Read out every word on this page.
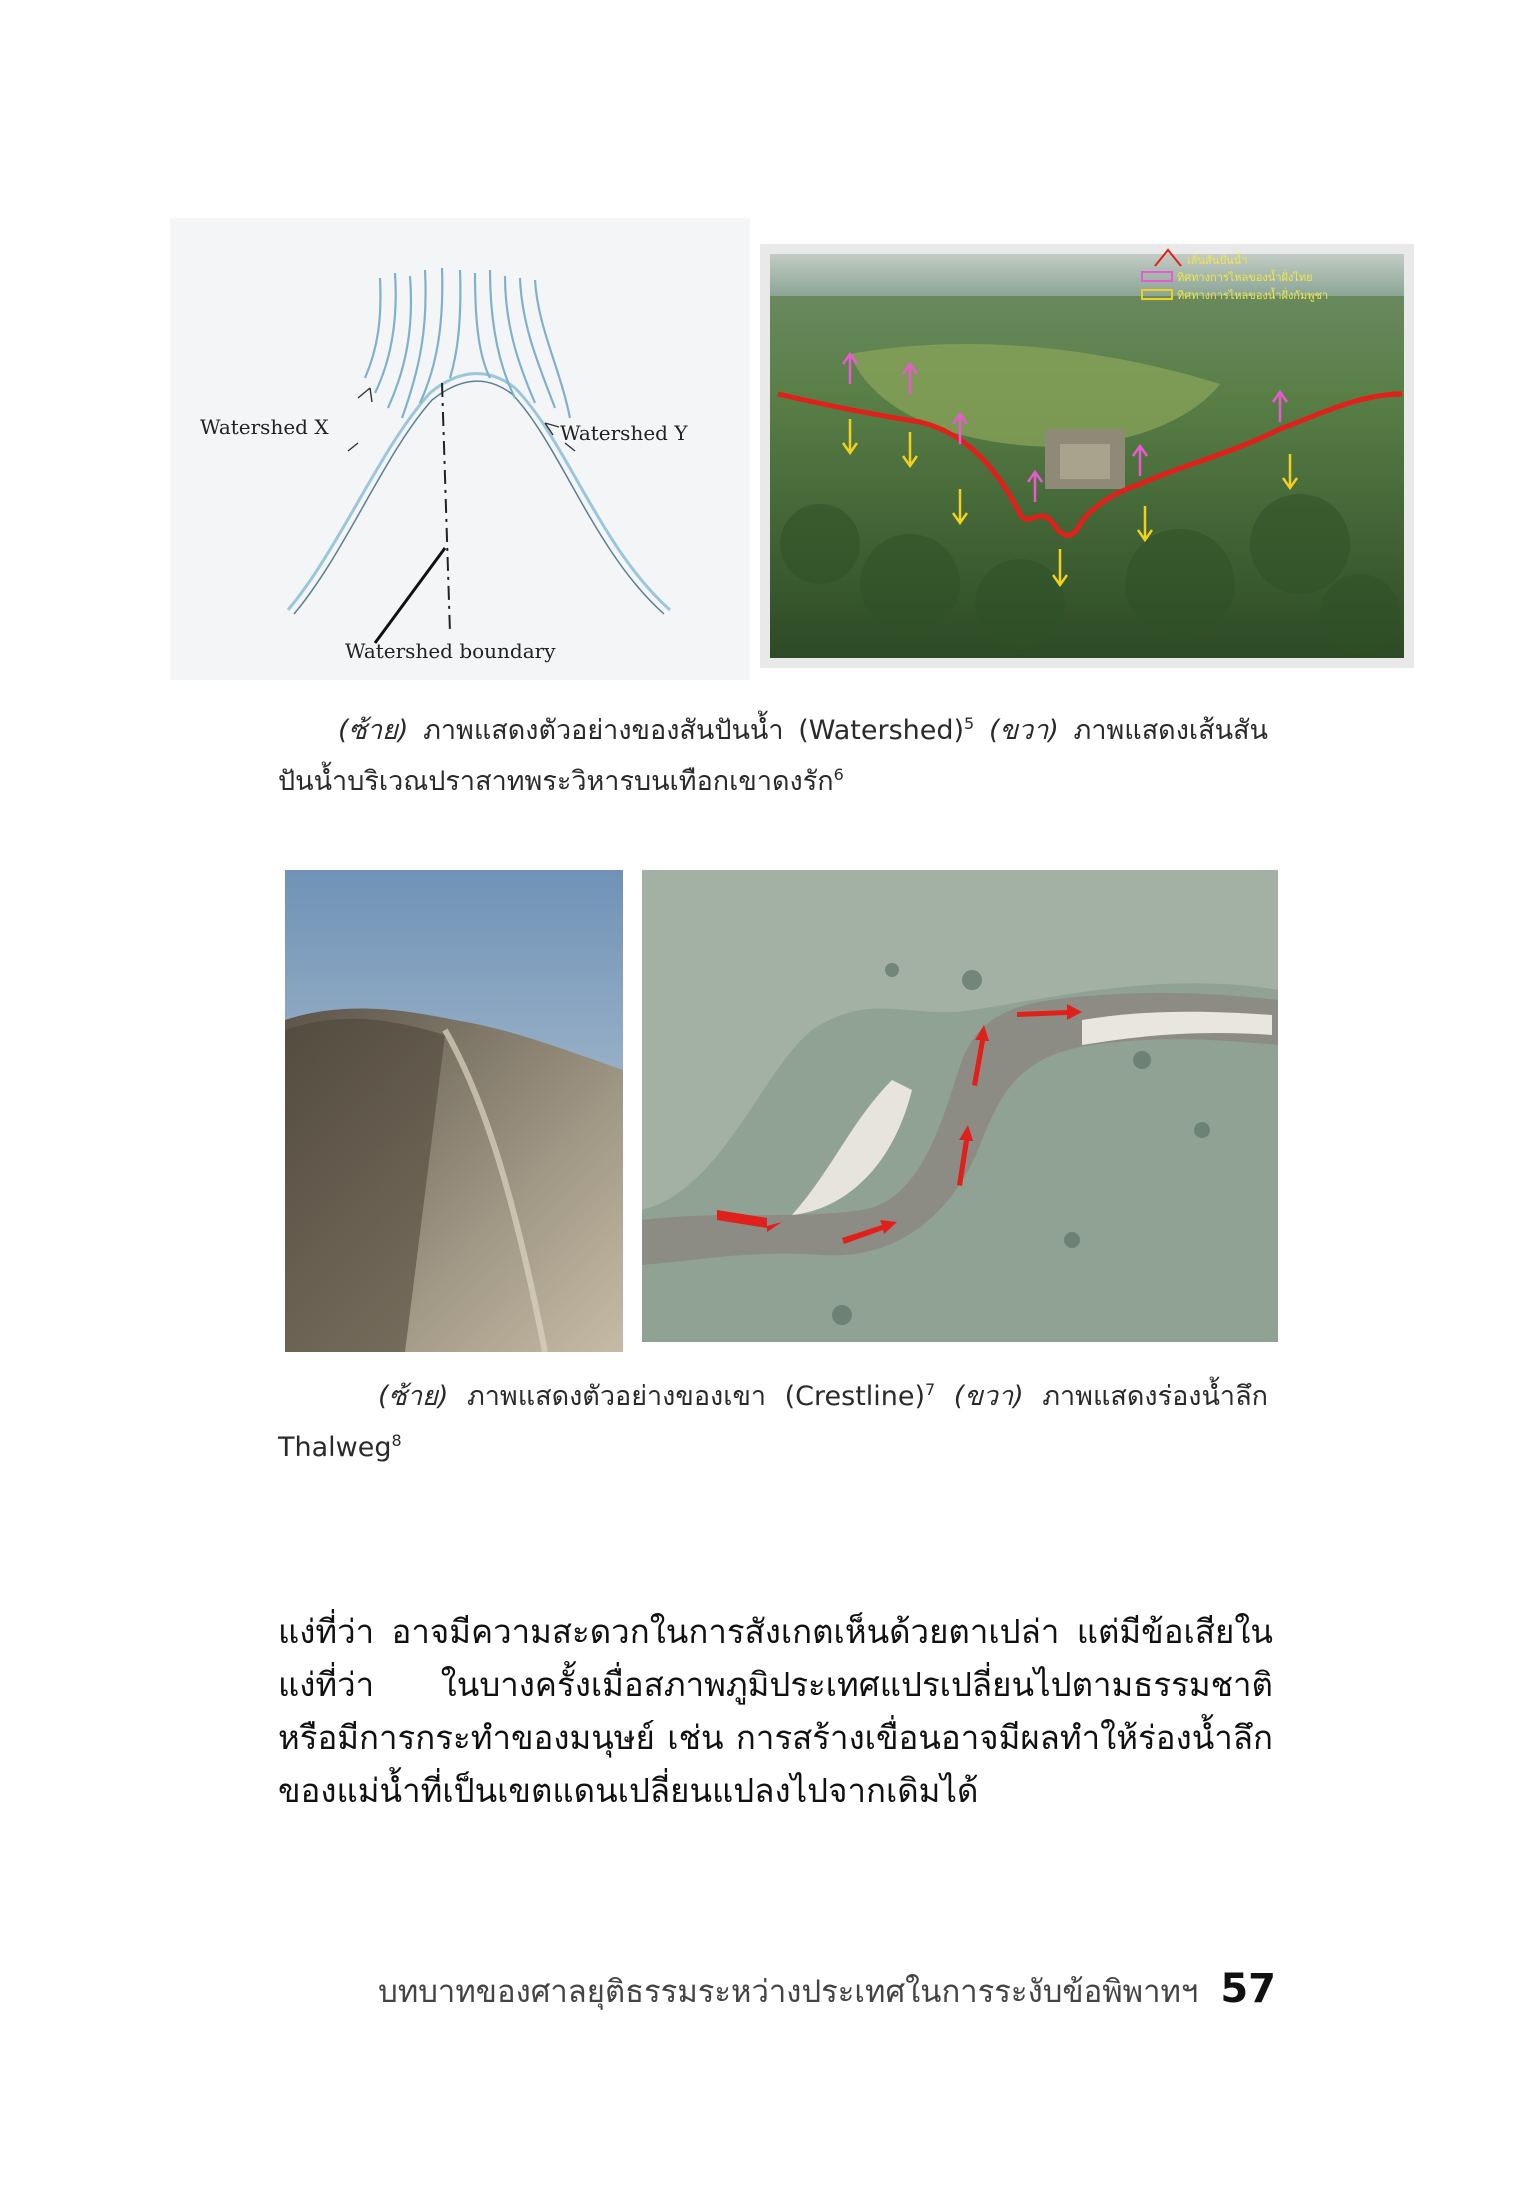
Watershed X	Watershed Y
Watershed boundary
เส้นสันปันน้ำ
ทิศทางการไหลของน้ำฝั่งไทย
ทิศทางการไหลของน้ำฝั่งกัมพูชา
(ซ้าย) ภาพแสดงตัวอย่างของสันปันน้ำ (Watershed)$^5$ (ขวา) ภาพแสดงเส้นสันปันน้ำบริเวณปราสาทพระวิหารบนเทือกเขาดงรัก$^6$
(ซ้าย) ภาพแสดงตัวอย่างของเขา (Crestline)$^7$ (ขวา) ภาพแสดงร่องน้ำลึก Thalweg$^8$

แง่ที่ว่า อาจมีความสะดวกในการสังเกตเห็นด้วยตาเปล่า แต่มีข้อเสียในแง่ที่ว่า ในบางครั้งเมื่อสภาพภูมิประเทศแปรเปลี่ยนไปตามธรรมชาติ หรือมีการกระทำของมนุษย์ เช่น การสร้างเขื่อนอาจมีผลทำให้ร่องน้ำลึกของแม่น้ำที่เป็นเขตแดนเปลี่ยนแปลงไปจากเดิมได้

บทบาทของศาลยุติธรรมระหว่างประเทศในการระงับข้อพิพาทฯ 57
